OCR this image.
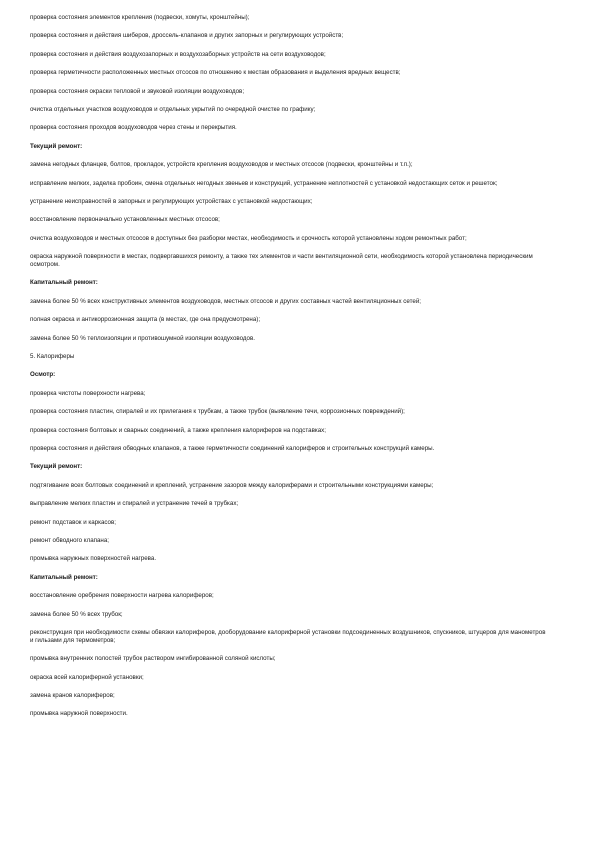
проверка состояния элементов крепления (подвески, хомуты, кронштейны);

проверка состояния и действия шиберов, дроссель-клапанов и других запорных и регулирующих устройств;

проверка состояния и действия воздухозапорных и воздухозаборных устройств на сети воздуховодов;

проверка герметичности расположенных местных отсосов по отношению к местам образования и выделения вредных веществ;

проверка состояния окраски тепловой и звуковой изоляции воздуховодов;

очистка отдельных участков воздуховодов и отдельных укрытий по очередной очистке по графику;

проверка состояния проходов воздуховодов через стены и перекрытия.

Текущий ремонт:

замена негодных фланцев, болтов, прокладок, устройств крепления воздуховодов и местных отсосов (подвески, кронштейны и т.п.);

исправление мелких, заделка пробоин, смена отдельных негодных звеньев и конструкций, устранение неплотностей с установкой недостающих сеток и решеток;

устранение неисправностей в запорных и регулирующих устройствах с установкой недостающих;

восстановление первоначально установленных местных отсосов;

очистка воздуховодов и местных отсосов в доступных без разборки местах, необходимость и срочность которой установлены ходом ремонтных работ;

окраска наружной поверхности в местах, подвергавшихся ремонту, а также тех элементов и части вентиляционной сети, необходимость которой установлена периодическим осмотром.

Капитальный ремонт:

замена более 50 % всех конструктивных элементов воздуховодов, местных отсосов и других составных частей вентиляционных сетей;

полная окраска и антикоррозионная защита (в местах, где она предусмотрена);

замена более 50 % теплоизоляции и противошумной изоляции воздуховодов.

5. Калориферы

Осмотр:

проверка чистоты поверхности нагрева;

проверка состояния пластин, спиралей и их прилегания к трубкам, а также трубок (выявление течи, коррозионных повреждений);

проверка состояния болтовых и сварных соединений, а также крепления калориферов на подставках;

проверка состояния и действия обводных клапанов, а также герметичности соединений калориферов и строительных конструкций камеры.

Текущий ремонт:

подтягивание всех болтовых соединений и креплений, устранение зазоров между калориферами и строительными конструкциями камеры;

выправление мелких пластин и спиралей и устранение течей в трубках;

ремонт подставок и каркасов;

ремонт обводного клапана;

промывка наружных поверхностей нагрева.

Капитальный ремонт:

восстановление оребрения поверхности нагрева калориферов;

замена более 50 % всех трубок;

реконструкция при необходимости схемы обвязки калориферов, дооборудование калориферной установки подсоединенных воздушников, спускников, штуцеров для манометров и гильзами для термометров;

промывка внутренних полостей трубок раствором ингибированной соляной кислоты;

окраска всей калориферной установки;

замена кранов калориферов;

промывка наружной поверхности.
